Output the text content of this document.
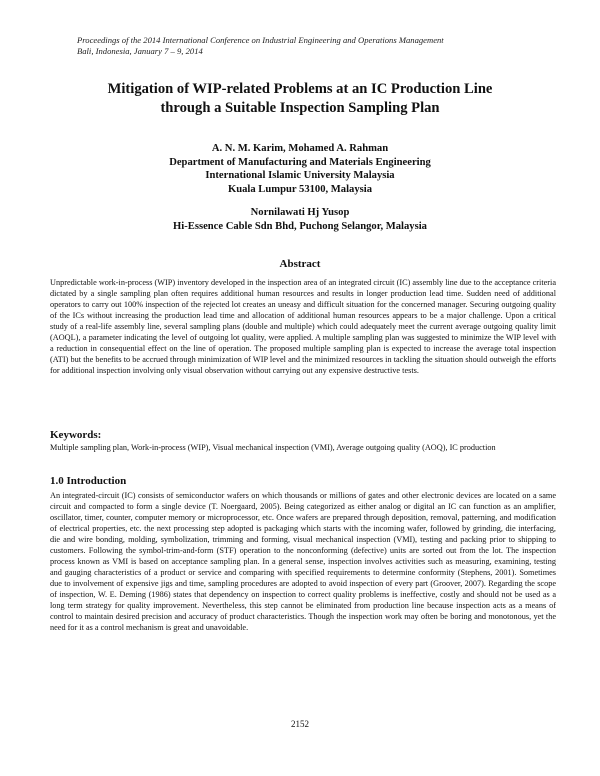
Proceedings of the 2014 International Conference on Industrial Engineering and Operations Management
Bali, Indonesia, January 7 – 9, 2014
Mitigation of WIP-related Problems at an IC Production Line
through a Suitable Inspection Sampling Plan
A. N. M. Karim, Mohamed A. Rahman
Department of Manufacturing and Materials Engineering
International Islamic University Malaysia
Kuala Lumpur 53100, Malaysia
Nornilawati Hj Yusop
Hi-Essence Cable Sdn Bhd, Puchong Selangor, Malaysia
Abstract

Unpredictable work-in-process (WIP) inventory developed in the inspection area of an integrated circuit (IC) assembly line due to the acceptance criteria dictated by a single sampling plan often requires additional human resources and results in longer production lead time. Sudden need of additional operators to carry out 100% inspection of the rejected lot creates an uneasy and difficult situation for the concerned manager. Securing outgoing quality of the ICs without increasing the production lead time and allocation of additional human resources appears to be a major challenge. Upon a critical study of a real-life assembly line, several sampling plans (double and multiple) which could adequately meet the current average outgoing quality limit (AOQL), a parameter indicating the level of outgoing lot quality, were applied. A multiple sampling plan was suggested to minimize the WIP level with a reduction in consequential effect on the line of operation. The proposed multiple sampling plan is expected to increase the average total inspection (ATI) but the benefits to be accrued through minimization of WIP level and the minimized resources in tackling the situation should outweigh the efforts for additional inspection involving only visual observation without carrying out any expensive destructive tests.

Keywords:

Multiple sampling plan, Work-in-process (WIP), Visual mechanical inspection (VMI), Average outgoing quality (AOQ), IC production

1.0 Introduction

An integrated-circuit (IC) consists of semiconductor wafers on which thousands or millions of gates and other electronic devices are located on a same circuit and compacted to form a single device (T. Noergaard, 2005). Being categorized as either analog or digital an IC can function as an amplifier, oscillator, timer, counter, computer memory or microprocessor, etc. Once wafers are prepared through deposition, removal, patterning, and modification of electrical properties, etc. the next processing step adopted is packaging which starts with the incoming wafer, followed by grinding, die interfacing, die and wire bonding, molding, symbolization, trimming and forming, visual mechanical inspection (VMI), testing and packing prior to shipping to customers. Following the symbol-trim-and-form (STF) operation to the nonconforming (defective) units are sorted out from the lot. The inspection process known as VMI is based on acceptance sampling plan. In a general sense, inspection involves activities such as measuring, examining, testing and gauging characteristics of a product or service and comparing with specified requirements to determine conformity (Stephens, 2001). Sometimes due to involvement of expensive jigs and time, sampling procedures are adopted to avoid inspection of every part (Groover, 2007). Regarding the scope of inspection, W. E. Deming (1986) states that dependency on inspection to correct quality problems is ineffective, costly and should not be used as a long term strategy for quality improvement. Nevertheless, this step cannot be eliminated from production line because inspection acts as a means of control to maintain desired precision and accuracy of product characteristics. Though the inspection work may often be boring and monotonous, yet the need for it as a control mechanism is great and unavoidable.

2152
